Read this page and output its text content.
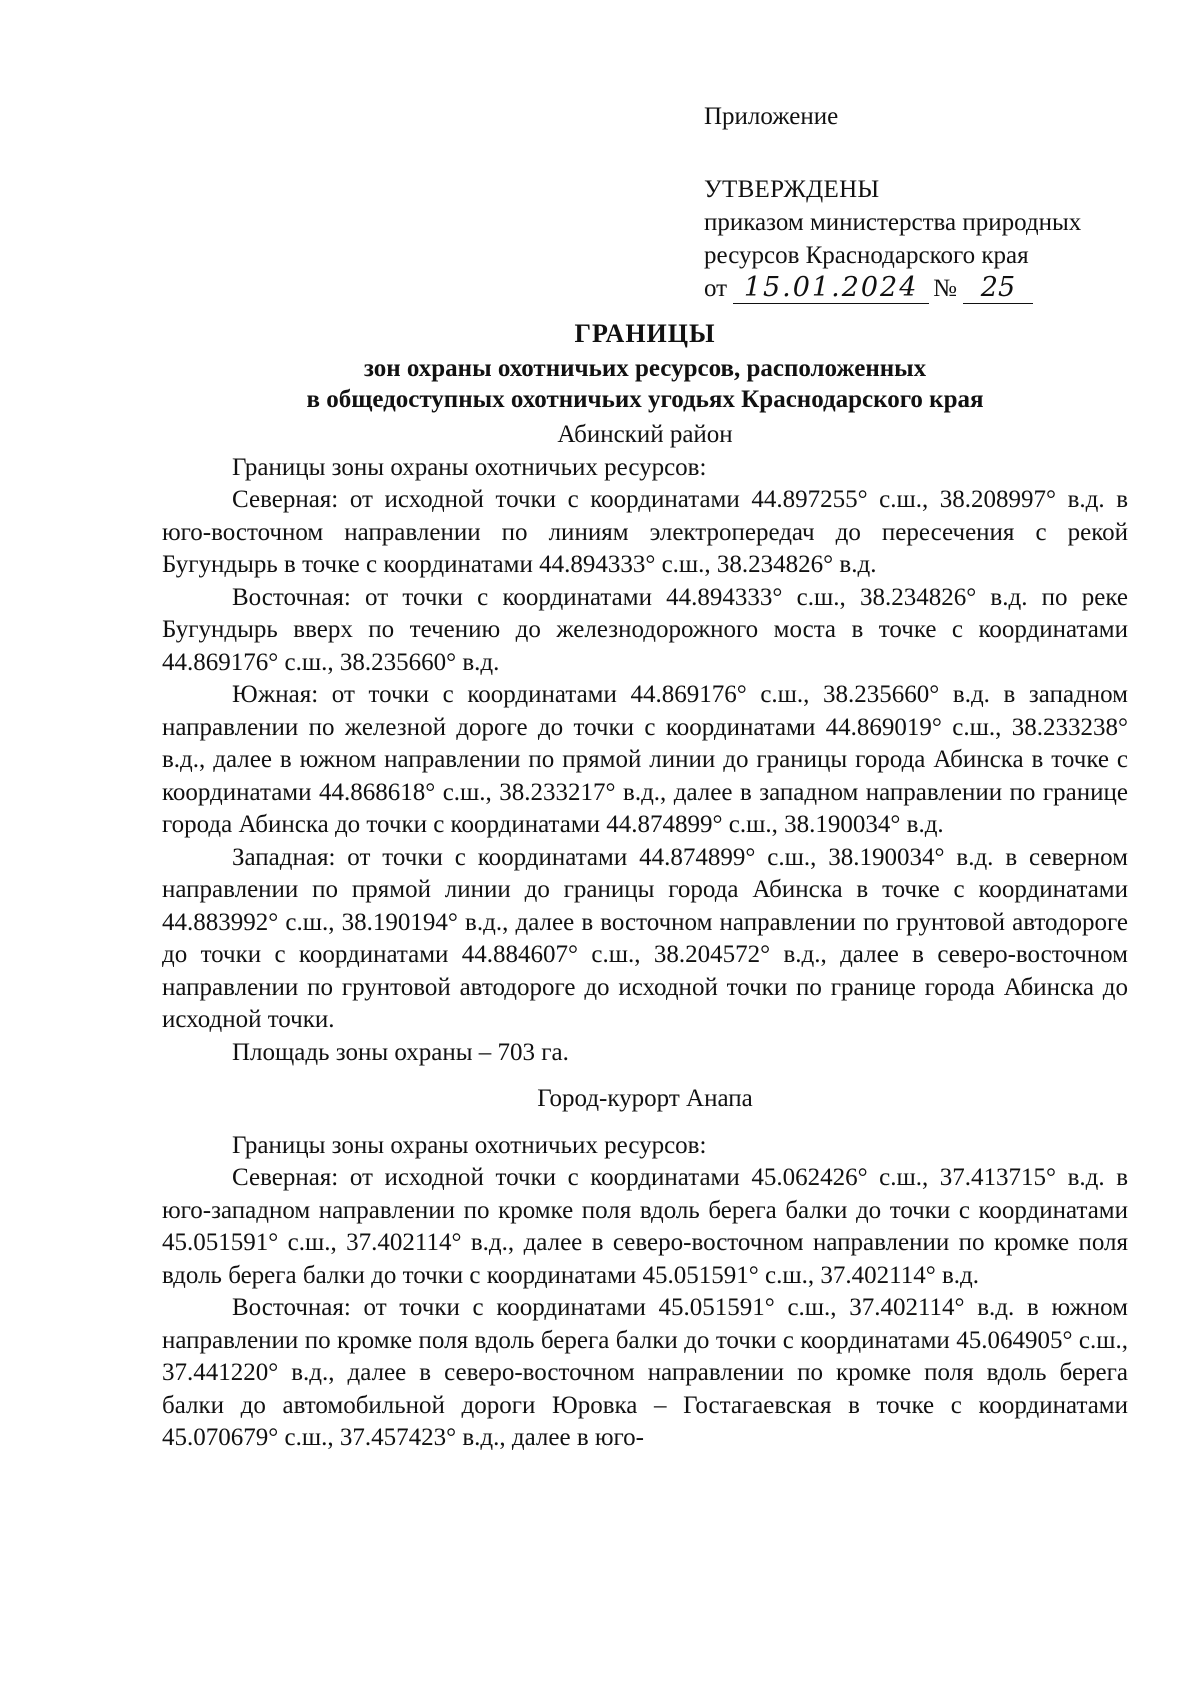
Приложение
УТВЕРЖДЕНЫ
приказом министерства природных
ресурсов Краснодарского края
от 15.01.2024 № 25
ГРАНИЦЫ
зон охраны охотничьих ресурсов, расположенных
в общедоступных охотничьих угодьях Краснодарского края
Абинский район

Границы зоны охраны охотничьих ресурсов:

Северная: от исходной точки с координатами 44.897255° с.ш., 38.208997° в.д. в юго-восточном направлении по линиям электропередач до пересечения с рекой Бугундырь в точке с координатами 44.894333° с.ш., 38.234826° в.д.

Восточная: от точки с координатами 44.894333° с.ш., 38.234826° в.д. по реке Бугундырь вверх по течению до железнодорожного моста в точке с координатами 44.869176° с.ш., 38.235660° в.д.

Южная: от точки с координатами 44.869176° с.ш., 38.235660° в.д. в западном направлении по железной дороге до точки с координатами 44.869019° с.ш., 38.233238° в.д., далее в южном направлении по прямой линии до границы города Абинска в точке с координатами 44.868618° с.ш., 38.233217° в.д., далее в западном направлении по границе города Абинска до точки с координатами 44.874899° с.ш., 38.190034° в.д.

Западная: от точки с координатами 44.874899° с.ш., 38.190034° в.д. в северном направлении по прямой линии до границы города Абинска в точке с координатами 44.883992° с.ш., 38.190194° в.д., далее в восточном направлении по грунтовой автодороге до точки с координатами 44.884607° с.ш., 38.204572° в.д., далее в северо-восточном направлении по грунтовой автодороге до исходной точки по границе города Абинска до исходной точки.

Площадь зоны охраны – 703 га.

Город-курорт Анапа

Границы зоны охраны охотничьих ресурсов:

Северная: от исходной точки с координатами 45.062426° с.ш., 37.413715° в.д. в юго-западном направлении по кромке поля вдоль берега балки до точки с координатами 45.051591° с.ш., 37.402114° в.д., далее в северо-восточном направлении по кромке поля вдоль берега балки до точки с координатами 45.051591° с.ш., 37.402114° в.д.

Восточная: от точки с координатами 45.051591° с.ш., 37.402114° в.д. в южном направлении по кромке поля вдоль берега балки до точки с координатами 45.064905° с.ш., 37.441220° в.д., далее в северо-восточном направлении по кромке поля вдоль берега балки до автомобильной дороги Юровка – Гостагаевская в точке с координатами 45.070679° с.ш., 37.457423° в.д., далее в юго-
